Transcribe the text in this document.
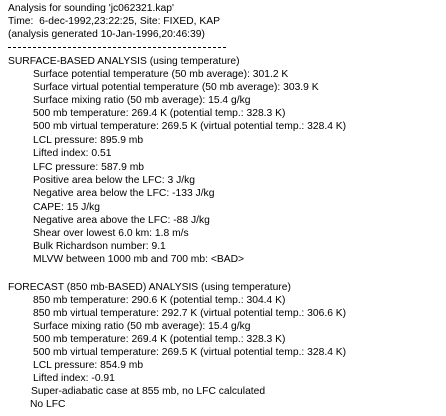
Analysis for sounding 'jc062321.kap'
Time:  6-dec-1992,23:22:25, Site: FIXED, KAP
(analysis generated 10-Jan-1996,20:46:39)
SURFACE-BASED ANALYSIS (using temperature)
Surface potential temperature (50 mb average): 301.2 K
Surface virtual potential temperature (50 mb average): 303.9 K
Surface mixing ratio (50 mb average): 15.4 g/kg
500 mb temperature: 269.4 K (potential temp.: 328.3 K)
500 mb virtual temperature: 269.5 K (virtual potential temp.: 328.4 K)
LCL pressure: 895.9 mb
Lifted index: 0.51
LFC pressure: 587.9 mb
Positive area below the LFC: 3 J/kg
Negative area below the LFC: -133 J/kg
CAPE: 15 J/kg
Negative area above the LFC: -88 J/kg
Shear over lowest 6.0 km: 1.8 m/s
Bulk Richardson number: 9.1
MLVW between 1000 mb and 700 mb: <BAD>
FORECAST (850 mb-BASED) ANALYSIS (using temperature)
850 mb temperature: 290.6 K (potential temp.: 304.4 K)
850 mb virtual temperature: 292.7 K (virtual potential temp.: 306.6 K)
Surface mixing ratio (50 mb average): 15.4 g/kg
500 mb temperature: 269.4 K (potential temp.: 328.3 K)
500 mb virtual temperature: 269.5 K (virtual potential temp.: 328.4 K)
LCL pressure: 854.9 mb
Lifted index: -0.91
Super-adiabatic case at 855 mb, no LFC calculated
No LFC
